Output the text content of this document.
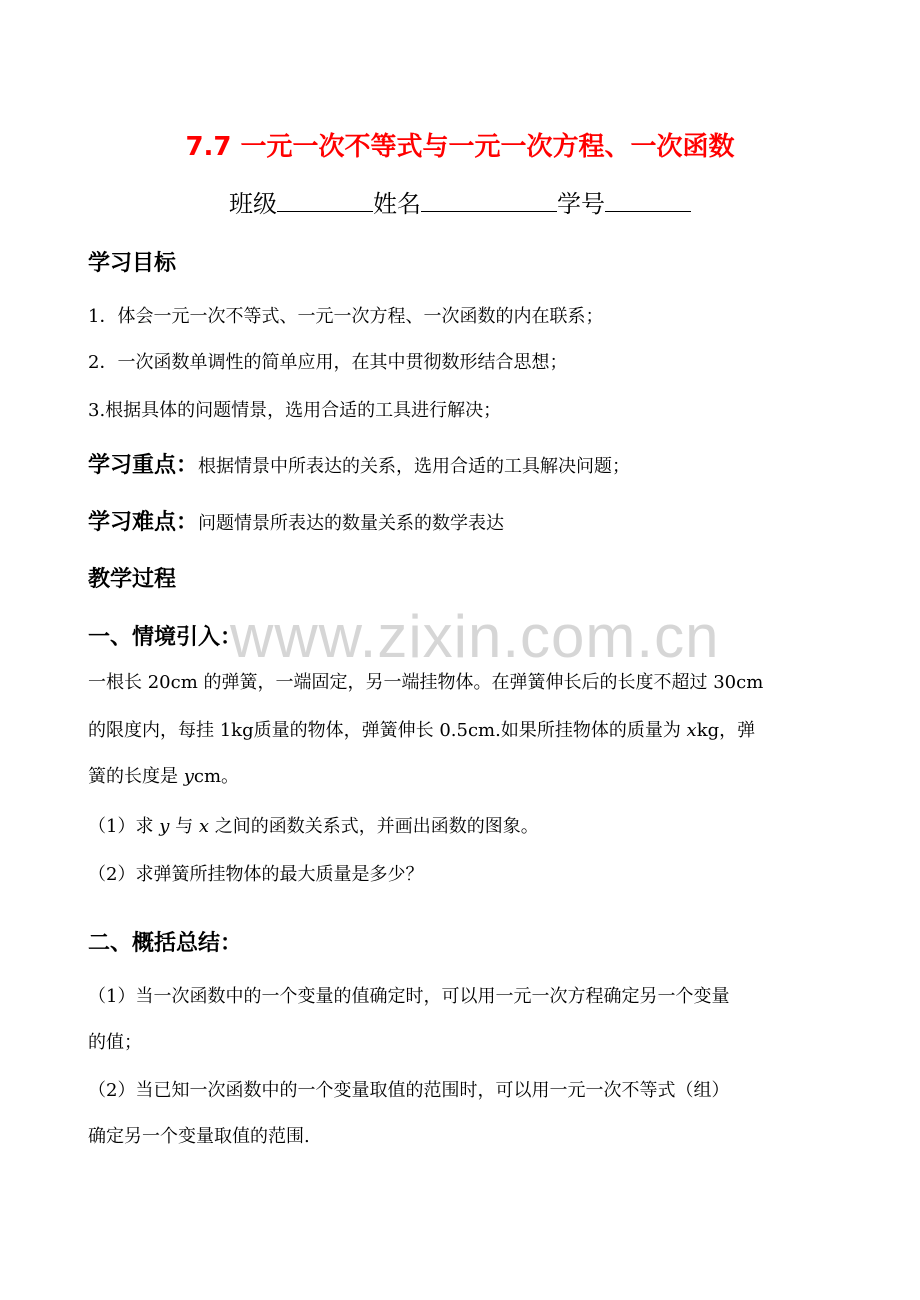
7.7 一元一次不等式与一元一次方程、一次函数
班级	姓名	学号
学习目标
1．体会一元一次不等式、一元一次方程、一次函数的内在联系；
2．一次函数单调性的简单应用，在其中贯彻数形结合思想；
3.根据具体的问题情景，选用合适的工具进行解决；
学习重点：根据情景中所表达的关系，选用合适的工具解决问题；
学习难点：问题情景所表达的数量关系的数学表达
教学过程
www.zixin.com.cn
一、情境引入：
一根长 20cm 的弹簧，一端固定，另一端挂物体。在弹簧伸长后的长度不超过 30cm
的限度内，每挂 1kg质量的物体，弹簧伸长 0.5cm.如果所挂物体的质量为 xkg，弹
簧的长度是 ycm。
（1）求 y 与 x 之间的函数关系式，并画出函数的图象。
（2）求弹簧所挂物体的最大质量是多少？
二、概括总结：
（1）当一次函数中的一个变量的值确定时，可以用一元一次方程确定另一个变量
的值；
（2）当已知一次函数中的一个变量取值的范围时，可以用一元一次不等式（组）
确定另一个变量取值的范围.
